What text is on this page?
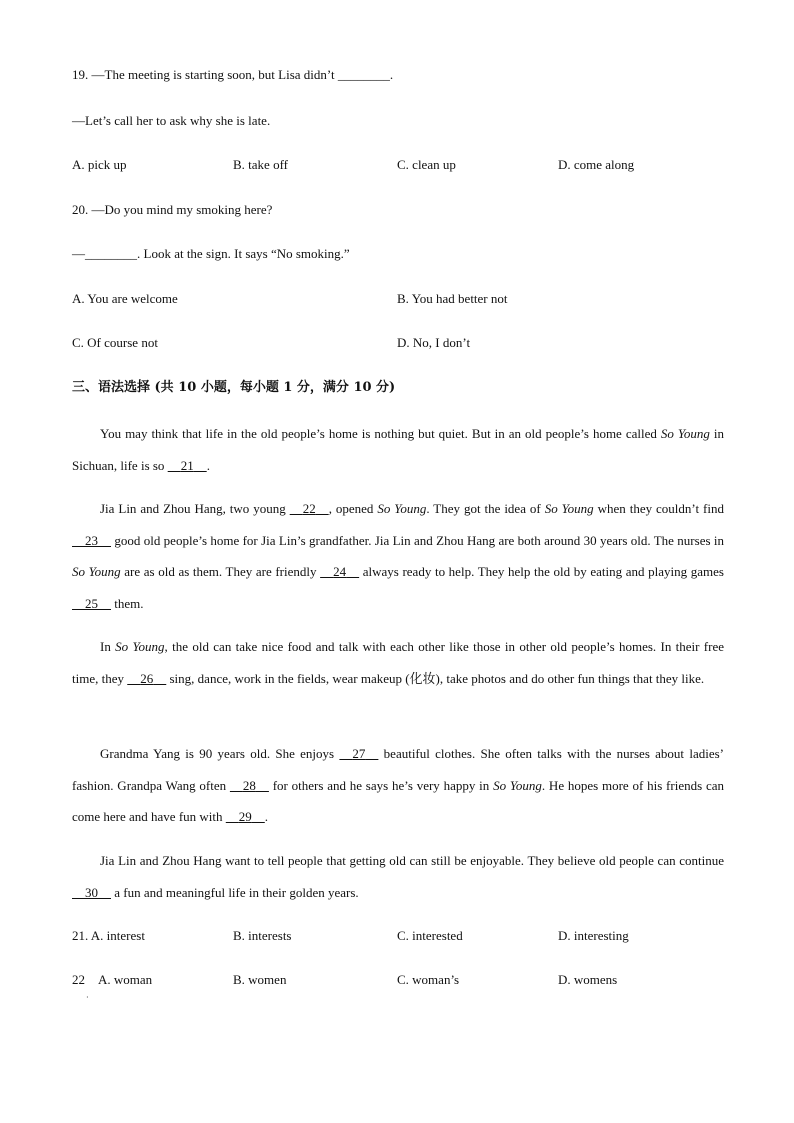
19. —The meeting is starting soon, but Lisa didn’t ________.
—Let’s call her to ask why she is late.
A. pick up	B. take off	C. clean up	D. come along
20. —Do you mind my smoking here?
—________. Look at the sign. It says “No smoking.”
A. You are welcome	B. You had better not
C. Of course not	D. No, I don’t
三、语法选择 (共 10 小题，每小题 1 分，满分 10 分)
You may think that life in the old people’s home is nothing but quiet. But in an old people’s home called So Young in Sichuan, life is so   21   .
Jia Lin and Zhou Hang, two young   22   , opened So Young. They got the idea of So Young when they couldn’t find   23   good old people’s home for Jia Lin’s grandfather. Jia Lin and Zhou Hang are both around 30 years old. The nurses in So Young are as old as them. They are friendly   24   always ready to help. They help the old by eating and playing games   25   them.
In So Young, the old can take nice food and talk with each other like those in other old people’s homes. In their free time, they   26   sing, dance, work in the fields, wear makeup (化妆), take photos and do other fun things that they like.
Grandma Yang is 90 years old. She enjoys   27   beautiful clothes. She often talks with the nurses about ladies’ fashion. Grandpa Wang often   28   for others and he says he’s very happy in So Young. He hopes more of his friends can come here and have fun with   29   .
Jia Lin and Zhou Hang want to tell people that getting old can still be enjoyable. They believe old people can continue   30   a fun and meaningful life in their golden years.
21. A. interest	B. interests	C. interested	D. interesting
22　A. woman	B. women	C. woman’s	D. womens
·
